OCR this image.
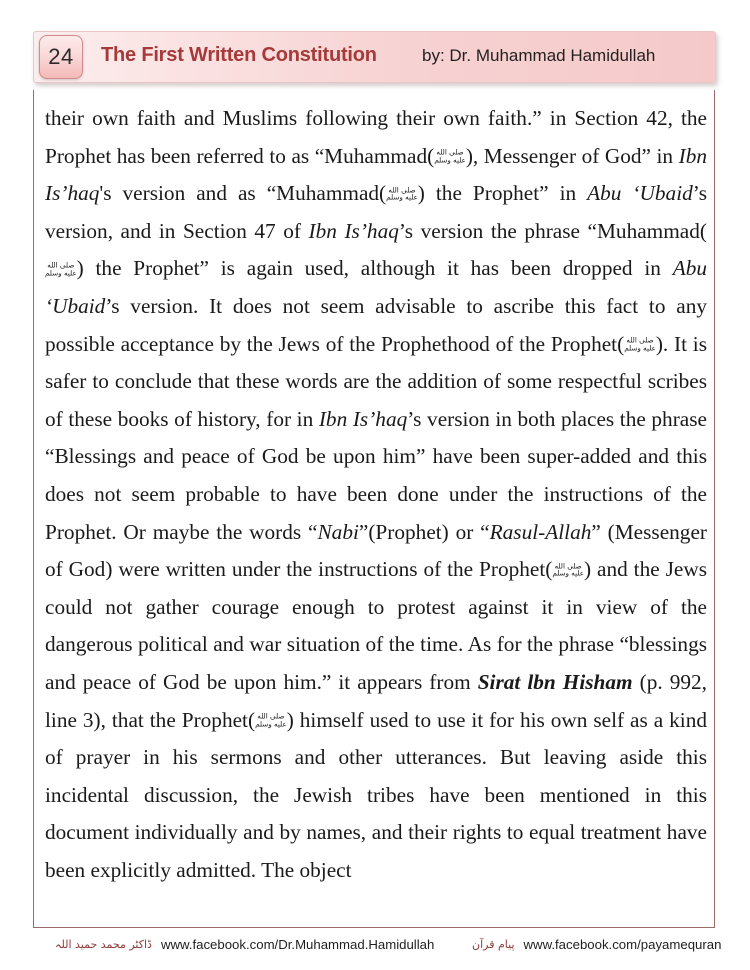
24	The First Written Constitution	by: Dr. Muhammad Hamidullah

their own faith and Muslims following their own faith.” in Section 42, the Prophet has been referred to as “Muhammad( صلى الله
عليه وسلم ), Messenger of God” in Ibn Is’haq's version and as “Muhammad( صلى الله
عليه وسلم ) the Prophet” in Abu ‘Ubaid’s version, and in Section 47 of Ibn Is’haq’s version the phrase “Muhammad(
صلى الله
عليه وسلم ) the Prophet” is again used, although it has been dropped in Abu ‘Ubaid’s version. It does not seem advisable to ascribe this fact to any possible acceptance by the Jews of the Prophethood of the Prophet( صلى الله
عليه وسلم ). It is safer to conclude that these words are the addition of some respectful scribes of these books of history, for in Ibn Is’haq’s version in both places the phrase “Blessings and peace of God be upon him” have been super-added and this does not seem probable to have been done under the instructions of the Prophet. Or maybe the words “Nabi”(Prophet) or “Rasul-Allah” (Messenger of God) were written under the instructions of the Prophet( صلى الله
عليه وسلم ) and the Jews could not gather courage enough to protest against it in view of the dangerous political and war situation of the time. As for the phrase “blessings and peace of God be upon him.” it appears from Sirat lbn Hisham (p. 992, line 3), that the Prophet( صلى الله
عليه وسلم ) himself used to use it for his own self as a kind of prayer in his sermons and other utterances. But leaving aside this incidental discussion, the Jewish tribes have been mentioned in this document individually and by names, and their rights to equal treatment have been explicitly admitted. The object

ڈاکٹر محمد حمید اللہ www.facebook.com/Dr.Muhammad.Hamidullah	پیام قرآن www.facebook.com/payamequran
